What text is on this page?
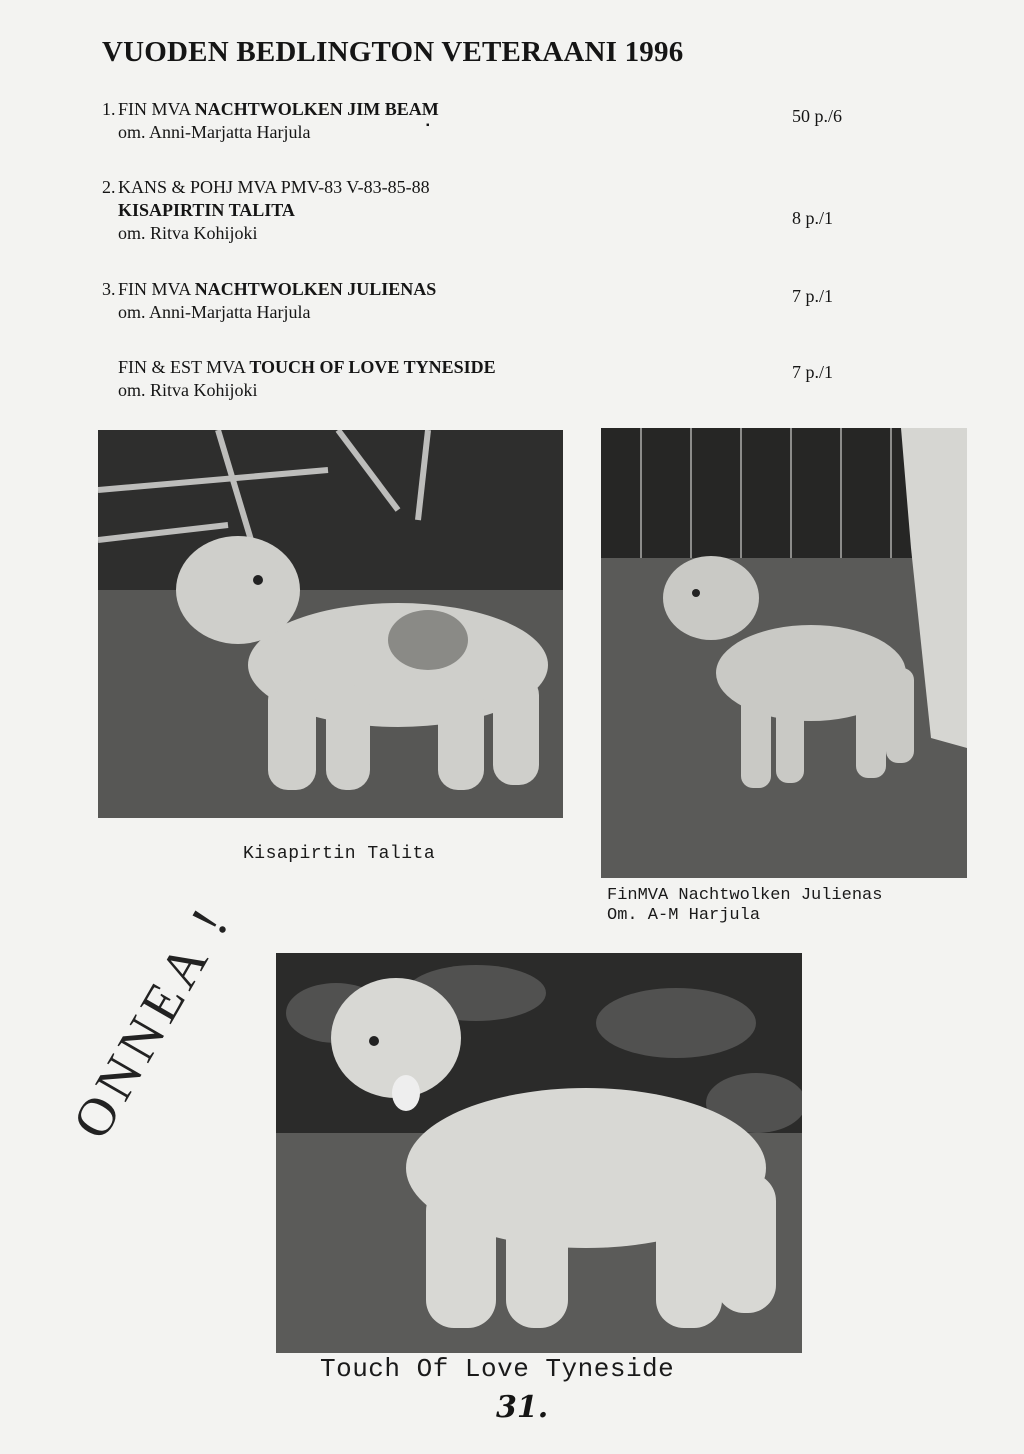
VUODEN BEDLINGTON VETERAANI 1996
▪
1. FIN MVA NACHTWOLKEN JIM BEAM
om. Anni-Marjatta Harjula
50 p./6
2. KANS & POHJ MVA PMV-83 V-83-85-88
KISAPIRTIN TALITA
om. Ritva Kohijoki
8 p./1
3. FIN MVA NACHTWOLKEN JULIENAS
om. Anni-Marjatta Harjula
7 p./1
FIN & EST MVA TOUCH OF LOVE TYNESIDE
om. Ritva Kohijoki
7 p./1
Kisapirtin Talita
FinMVA Nachtwolken Julienas
Om. A-M Harjula
Touch Of Love Tyneside
ONNEA !
31.
